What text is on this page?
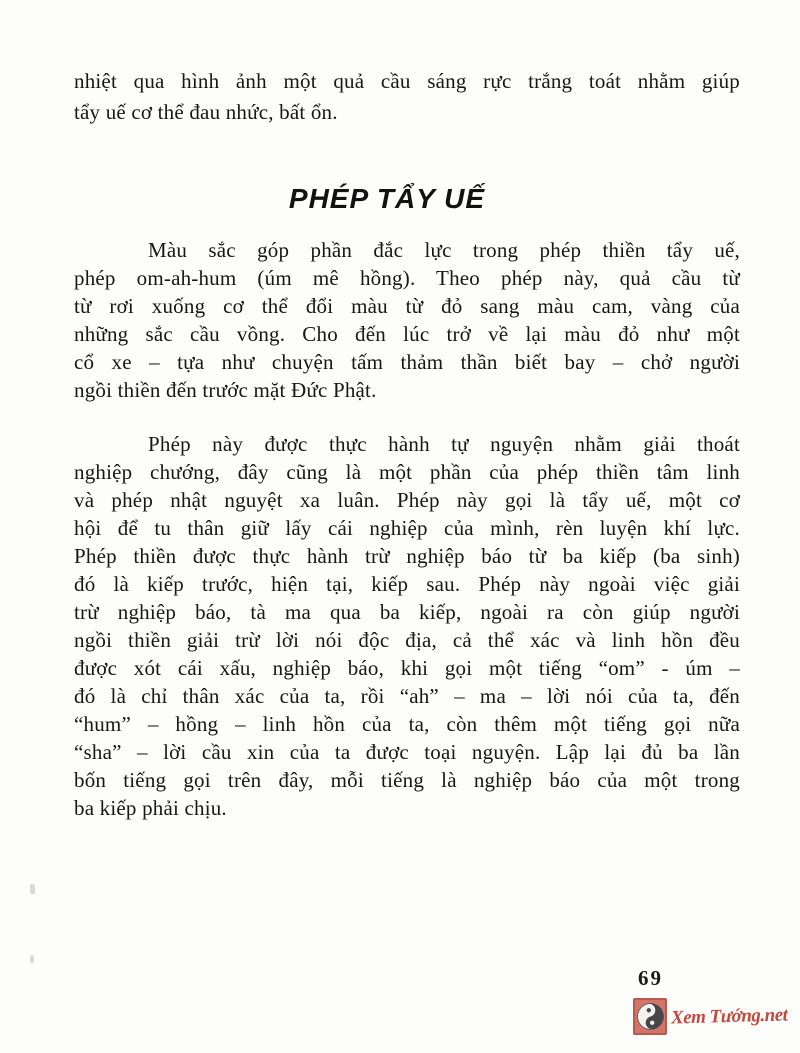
nhiệt qua hình ảnh một quả cầu sáng rực trắng toát nhằm giúp
tẩy uế cơ thể đau nhức, bất ổn.
PHÉP TẨY UẾ
Màu sắc góp phần đắc lực trong phép thiền tẩy uế,
phép om-ah-hum (úm mê hồng). Theo phép này, quả cầu từ
từ rơi xuống cơ thể đổi màu từ đỏ sang màu cam, vàng của
những sắc cầu vồng. Cho đến lúc trở về lại màu đỏ như một
cổ xe – tựa như chuyện tấm thảm thần biết bay – chở người
ngồi thiền đến trước mặt Đức Phật.
Phép này được thực hành tự nguyện nhằm giải thoát
nghiệp chướng, đây cũng là một phần của phép thiền tâm linh
và phép nhật nguyệt xa luân. Phép này gọi là tẩy uế, một cơ
hội để tu thân giữ lấy cái nghiệp của mình, rèn luyện khí lực.
Phép thiền được thực hành trừ nghiệp báo từ ba kiếp (ba sinh)
đó là kiếp trước, hiện tại, kiếp sau. Phép này ngoài việc giải
trừ nghiệp báo, tà ma qua ba kiếp, ngoài ra còn giúp người
ngồi thiền giải trừ lời nói độc địa, cả thể xác và linh hồn đều
được xót cái xấu, nghiệp báo, khi gọi một tiếng “om” - úm –
đó là chỉ thân xác của ta, rồi “ah” – ma – lời nói của ta, đến
“hum” – hồng – linh hồn của ta, còn thêm một tiếng gọi nữa
“sha” – lời cầu xin của ta được toại nguyện. Lập lại đủ ba lần
bốn tiếng gọi trên đây, mỗi tiếng là nghiệp báo của một trong
ba kiếp phải chịu.
69
Xem Tướng.net
